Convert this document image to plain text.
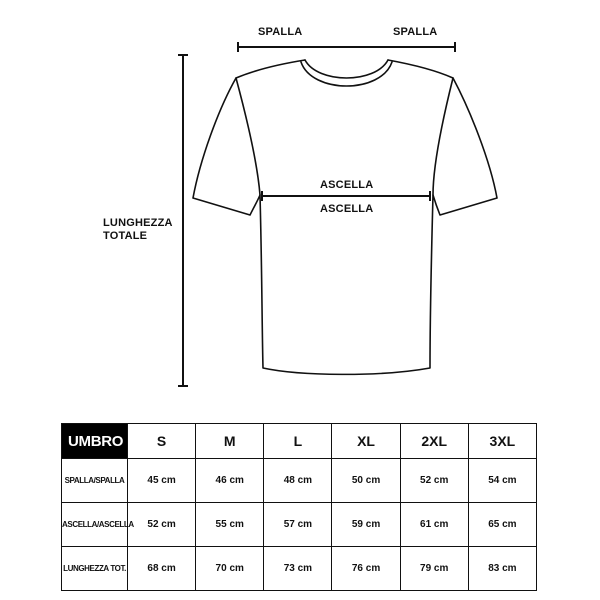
SPALLA	SPALLA
ASCELLA
ASCELLA
LUNGHEZZA
TOTALE
UMBRO	S	M	L	XL	2XL	3XL
SPALLA/SPALLA	45 cm	46 cm	48 cm	50 cm	52 cm	54 cm
ASCELLA/ASCELLA	52 cm	55 cm	57 cm	59 cm	61 cm	65 cm
LUNGHEZZA TOT.	68 cm	70 cm	73 cm	76 cm	79 cm	83 cm
